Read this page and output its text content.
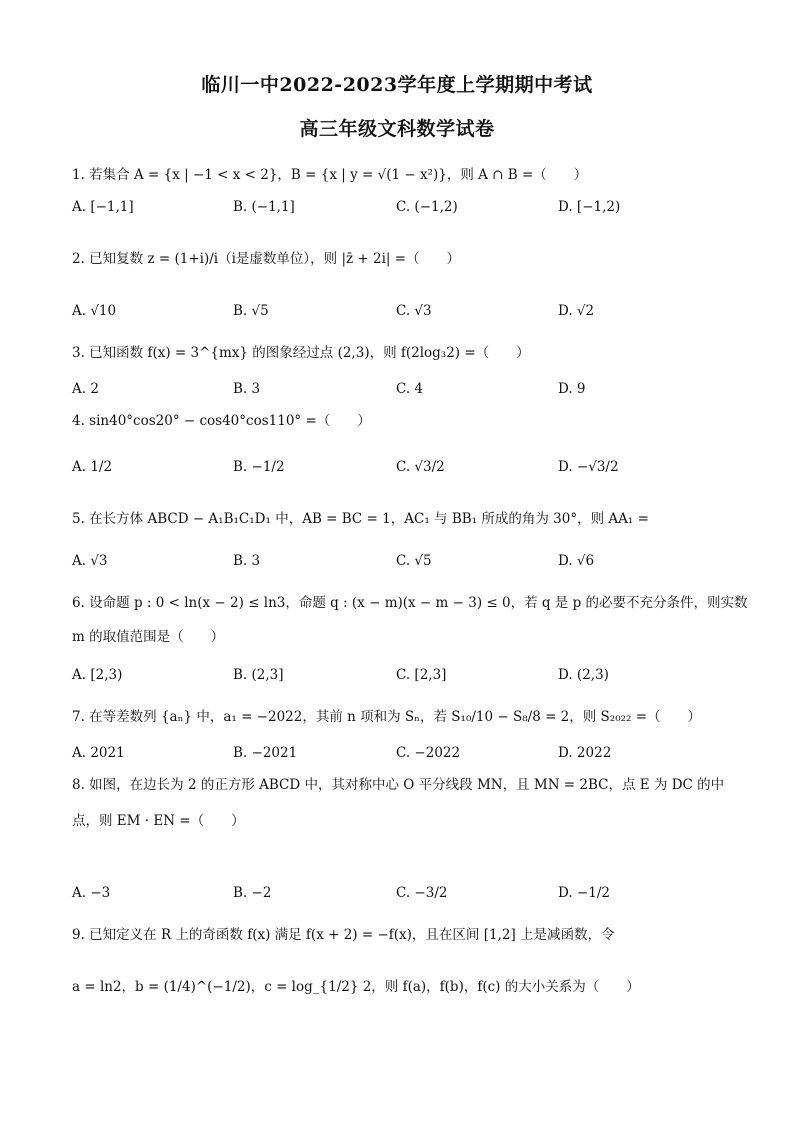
临川一中2022-2023学年度上学期期中考试
高三年级文科数学试卷
1. 若集合 A = {x | −1 < x < 2}，B = {x | y = √(1 − x²)}，则 A ∩ B =（　　）
A. [−1,1]	B. (−1,1]	C. (−1,2)	D. [−1,2)
2. 已知复数 z = (1+i)/i（i是虚数单位），则 |z̄ + 2i| =（　　）
A. √10	B. √5	C. √3	D. √2
3. 已知函数 f(x) = 3^{mx} 的图象经过点 (2,3)，则 f(2log₃2) =（　　）
A. 2	B. 3	C. 4	D. 9
4. sin40°cos20° − cos40°cos110° =（　　）
A. 1/2	B. −1/2	C. √3/2	D. −√3/2
5. 在长方体 ABCD − A₁B₁C₁D₁ 中，AB = BC = 1，AC₁ 与 BB₁ 所成的角为 30°，则 AA₁ =
A. √3	B. 3	C. √5	D. √6
6. 设命题 p : 0 < ln(x − 2) ≤ ln3，命题 q : (x − m)(x − m − 3) ≤ 0，若 q 是 p 的必要不充分条件，则实数
m 的取值范围是（　　）
A. [2,3)	B. (2,3]	C. [2,3]	D. (2,3)
7. 在等差数列 {aₙ} 中，a₁ = −2022，其前 n 项和为 Sₙ，若 S₁₀/10 − S₈/8 = 2，则 S₂₀₂₂ =（　　）
A. 2021	B. −2021	C. −2022	D. 2022
8. 如图，在边长为 2 的正方形 ABCD 中，其对称中心 O 平分线段 MN，且 MN = 2BC，点 E 为 DC 的中
点，则 EM · EN =（　　）
A. −3	B. −2	C. −3/2	D. −1/2
9. 已知定义在 R 上的奇函数 f(x) 满足 f(x + 2) = −f(x)，且在区间 [1,2] 上是减函数，令
a = ln2，b = (1/4)^(−1/2)，c = log_{1/2} 2，则 f(a)，f(b)，f(c) 的大小关系为（　　）
